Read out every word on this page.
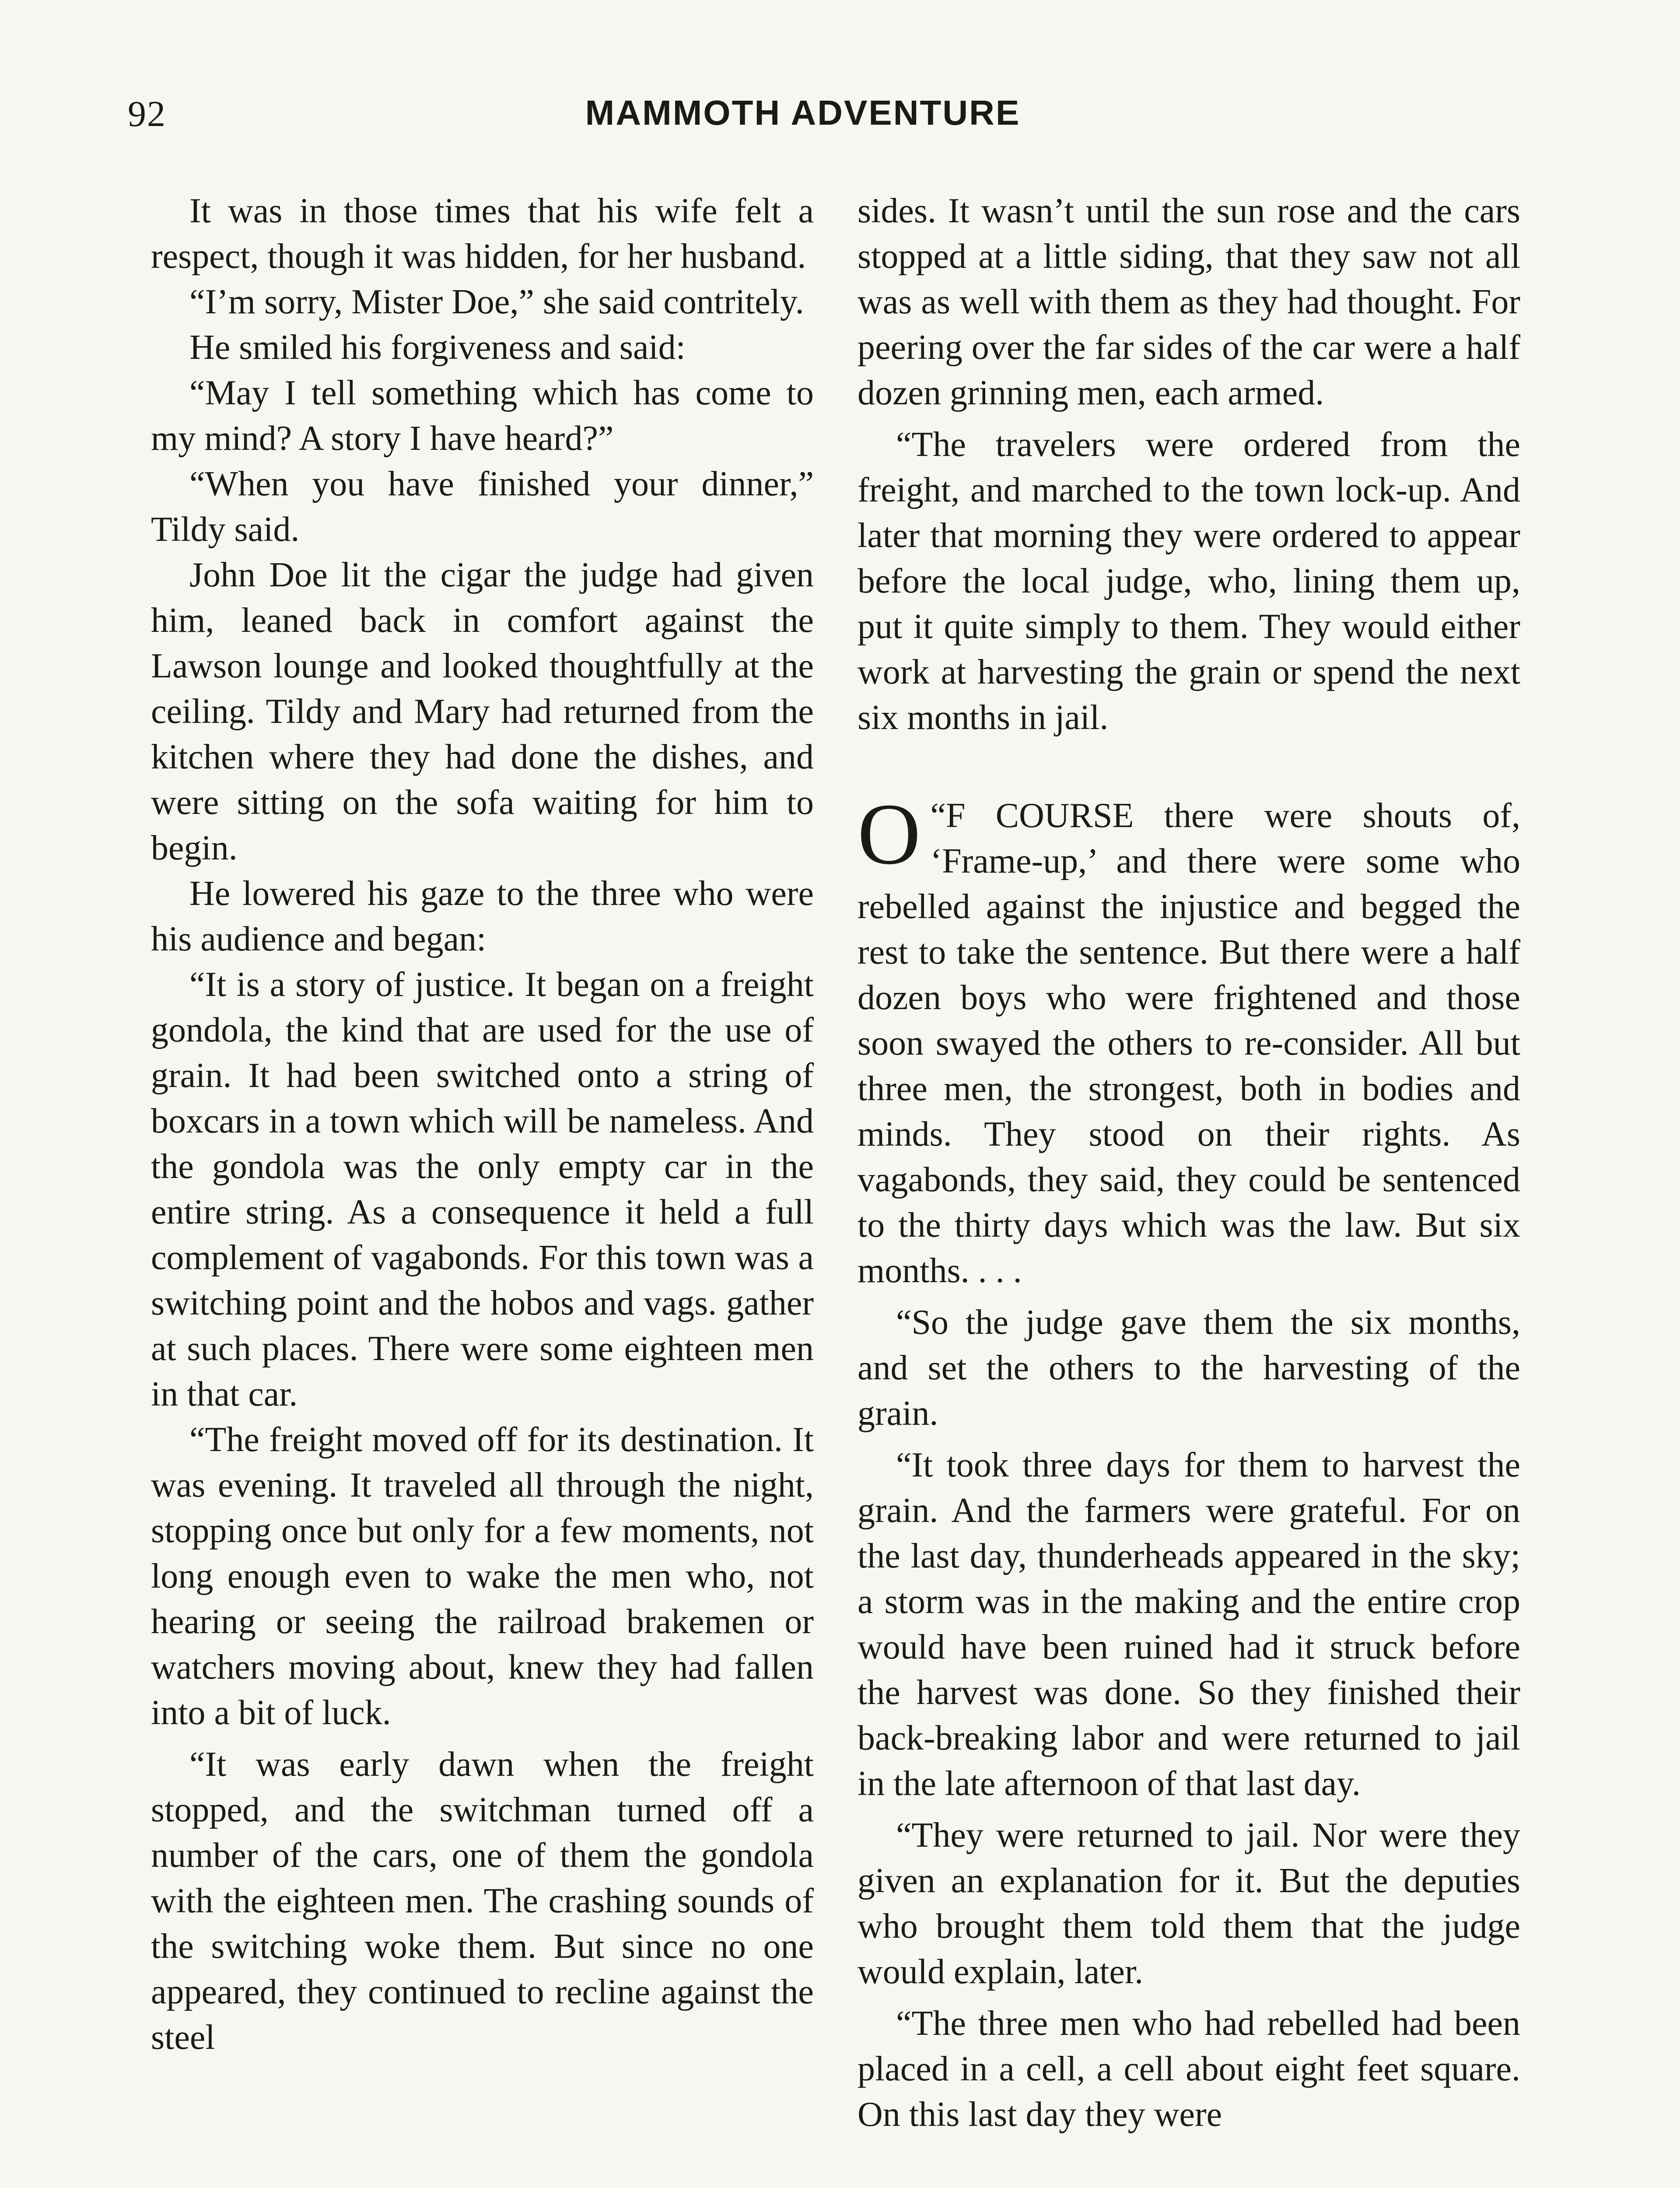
92	MAMMOTH ADVENTURE

It was in those times that his wife felt a respect, though it was hidden, for her husband.

“I’m sorry, Mister Doe,” she said contritely.

He smiled his forgiveness and said:

“May I tell something which has come to my mind? A story I have heard?”

“When you have finished your dinner,” Tildy said.

John Doe lit the cigar the judge had given him, leaned back in comfort against the Lawson lounge and looked thoughtfully at the ceiling. Tildy and Mary had returned from the kitchen where they had done the dishes, and were sitting on the sofa waiting for him to begin.

He lowered his gaze to the three who were his audience and began:

“It is a story of justice. It began on a freight gondola, the kind that are used for the use of grain. It had been switched onto a string of boxcars in a town which will be nameless. And the gondola was the only empty car in the entire string. As a consequence it held a full complement of vagabonds. For this town was a switching point and the hobos and vags. gather at such places. There were some eighteen men in that car.

“The freight moved off for its destination. It was evening. It traveled all through the night, stopping once but only for a few moments, not long enough even to wake the men who, not hearing or seeing the railroad brakemen or watchers moving about, knew they had fallen into a bit of luck.

“It was early dawn when the freight stopped, and the switchman turned off a number of the cars, one of them the gondola with the eighteen men. The crashing sounds of the switching woke them. But since no one appeared, they continued to recline against the steel

sides. It wasn’t until the sun rose and the cars stopped at a little siding, that they saw not all was as well with them as they had thought. For peering over the far sides of the car were a half dozen grinning men, each armed.

“The travelers were ordered from the freight, and marched to the town lock-up. And later that morning they were ordered to appear before the local judge, who, lining them up, put it quite simply to them. They would either work at harvesting the grain or spend the next six months in jail.

“
O F COURSE there were shouts of, ‘Frame-up,’ and there were some who rebelled against the injustice and begged the rest to take the sentence. But there were a half dozen boys who were frightened and those soon swayed the others to re-consider. All but three men, the strongest, both in bodies and minds. They stood on their rights. As vagabonds, they said, they could be sentenced to the thirty days which was the law. But six months. . . .

“So the judge gave them the six months, and set the others to the harvesting of the grain.

“It took three days for them to harvest the grain. And the farmers were grateful. For on the last day, thunderheads appeared in the sky; a storm was in the making and the entire crop would have been ruined had it struck before the harvest was done. So they finished their back-breaking labor and were returned to jail in the late afternoon of that last day.

“They were returned to jail. Nor were they given an explanation for it. But the deputies who brought them told them that the judge would explain, later.

“The three men who had rebelled had been placed in a cell, a cell about eight feet square. On this last day they were
